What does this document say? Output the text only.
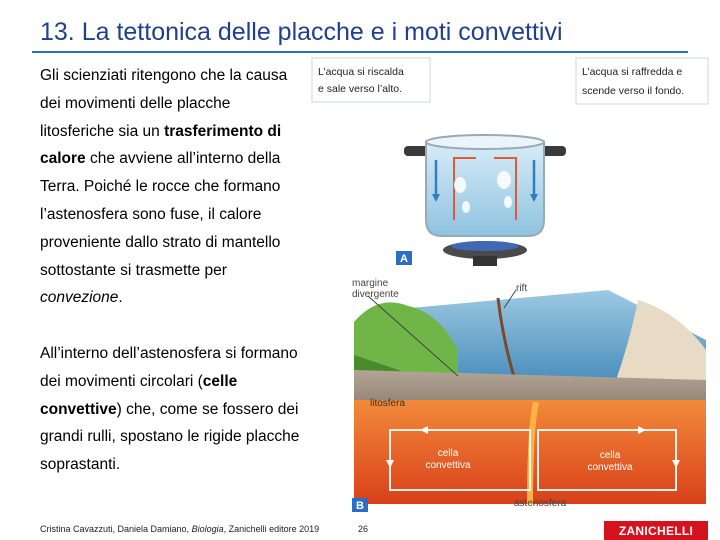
13. La tettonica delle placche e i moti convettivi

Gli scienziati ritengono che la causa dei movimenti delle placche litosferiche sia un trasferimento di calore che avviene all’interno della Terra. Poiché le rocce che formano l’astenosfera sono fuse, il calore proveniente dallo strato di mantello sottostante si trasmette per convezione.

All’interno dell’astenosfera si formano dei movimenti circolari (celle convettive) che, come se fossero dei grandi rulli, spostano le rigide placche soprastanti.

L’acqua si riscalda
e sale verso l’alto.
L’acqua si raffredda e
scende verso il fondo.
A
margine
divergente
rift
litosfera
cella
convettiva
cella
convettiva
astenosfera
B
Cristina Cavazzuti, Daniela Damiano, Biologia, Zanichelli editore 2019	26	ZANICHELLI
